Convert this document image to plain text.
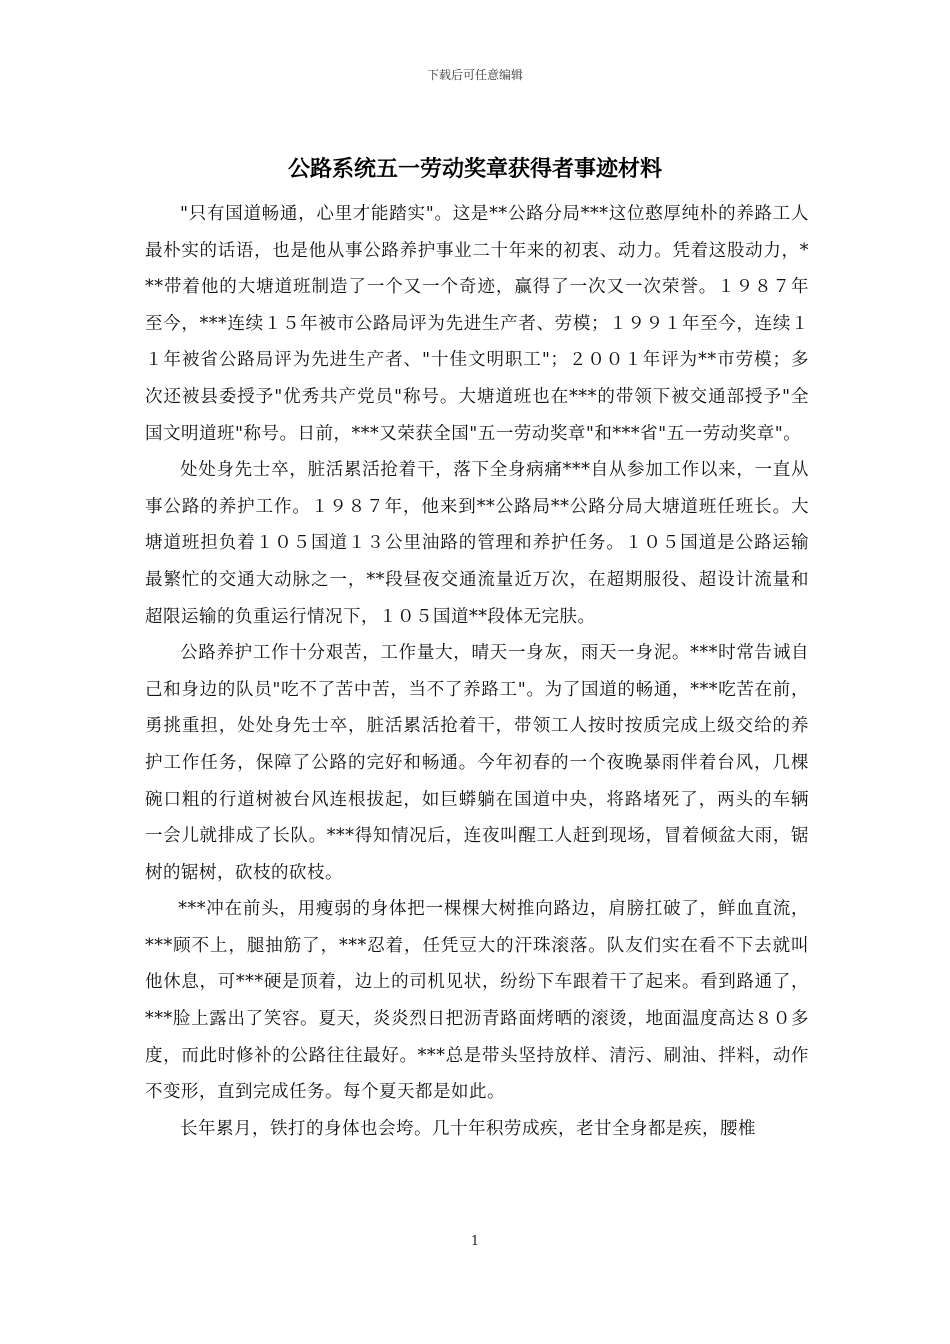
下载后可任意编辑
公路系统五一劳动奖章获得者事迹材料

"只有国道畅通，心里才能踏实"。这是**公路分局***这位憨厚纯朴的养路工人最朴实的话语，也是他从事公路养护事业二十年来的初衷、动力。凭着这股动力，***带着他的大塘道班制造了一个又一个奇迹，赢得了一次又一次荣誉。１９８７年至今，***连续１５年被市公路局评为先进生产者、劳模；１９９１年至今，连续１１年被省公路局评为先进生产者、"十佳文明职工"；２００１年评为**市劳模；多次还被县委授予"优秀共产党员"称号。大塘道班也在***的带领下被交通部授予"全国文明道班"称号。日前，***又荣获全国"五一劳动奖章"和***省"五一劳动奖章"。

处处身先士卒，脏活累活抢着干，落下全身病痛***自从参加工作以来，一直从事公路的养护工作。１９８７年，他来到**公路局**公路分局大塘道班任班长。大塘道班担负着１０５国道１３公里油路的管理和养护任务。１０５国道是公路运输最繁忙的交通大动脉之一，**段昼夜交通流量近万次，在超期服役、超设计流量和超限运输的负重运行情况下，１０５国道**段体无完肤。

公路养护工作十分艰苦，工作量大，晴天一身灰，雨天一身泥。***时常告诫自己和身边的队员"吃不了苦中苦，当不了养路工"。为了国道的畅通，***吃苦在前，勇挑重担，处处身先士卒，脏活累活抢着干，带领工人按时按质完成上级交给的养护工作任务，保障了公路的完好和畅通。今年初春的一个夜晚暴雨伴着台风，几棵碗口粗的行道树被台风连根拔起，如巨蟒躺在国道中央，将路堵死了，两头的车辆一会儿就排成了长队。***得知情况后，连夜叫醒工人赶到现场，冒着倾盆大雨，锯树的锯树，砍枝的砍枝。

***冲在前头，用瘦弱的身体把一棵棵大树推向路边，肩膀扛破了，鲜血直流，***顾不上，腿抽筋了，***忍着，任凭豆大的汗珠滚落。队友们实在看不下去就叫他休息，可***硬是顶着，边上的司机见状，纷纷下车跟着干了起来。看到路通了，***脸上露出了笑容。夏天，炎炎烈日把沥青路面烤晒的滚烫，地面温度高达８０多度，而此时修补的公路往往最好。***总是带头坚持放样、清污、刷油、拌料，动作不变形，直到完成任务。每个夏天都是如此。

长年累月，铁打的身体也会垮。几十年积劳成疾，老甘全身都是疾，腰椎

1
